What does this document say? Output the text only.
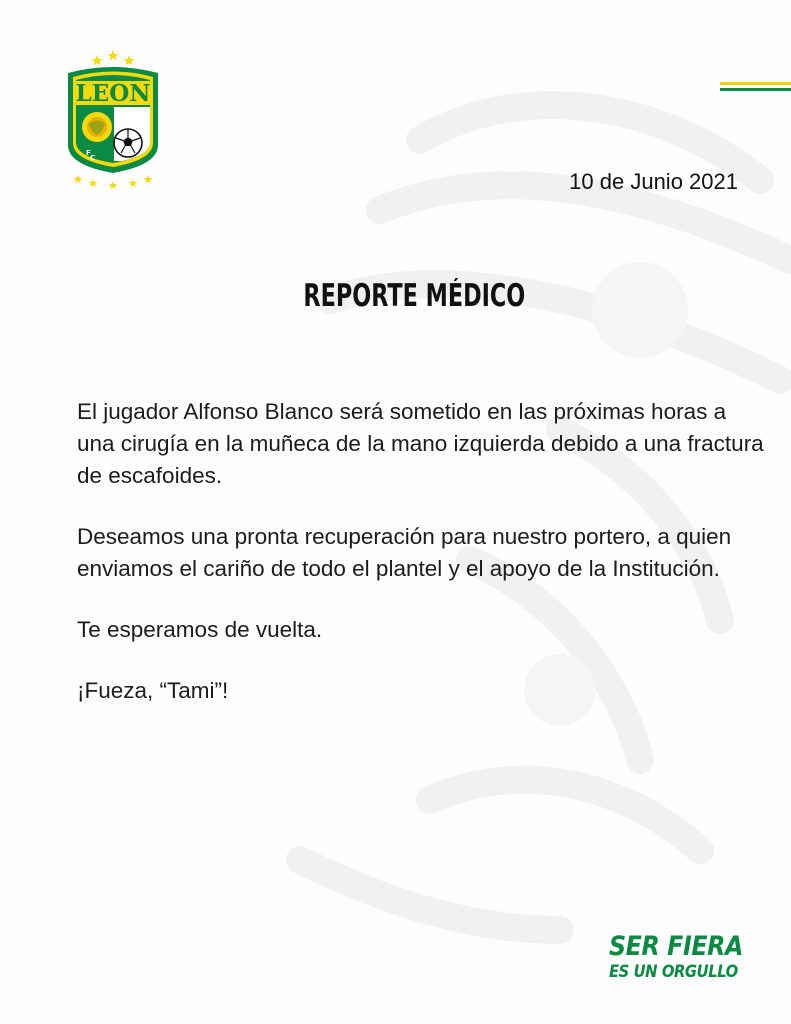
LEON
F
C
10 de Junio 2021
REPORTE MÉDICO

El jugador Alfonso Blanco será sometido en las próximas horas a una cirugía en la muñeca de la mano izquierda debido a una fractura de escafoides.

Deseamos una pronta recuperación para nuestro portero, a quien enviamos el cariño de todo el plantel y el apoyo de la Institución.

Te esperamos de vuelta.

¡Fueza, “Tami”!

SER FIERA
ES UN ORGULLO
